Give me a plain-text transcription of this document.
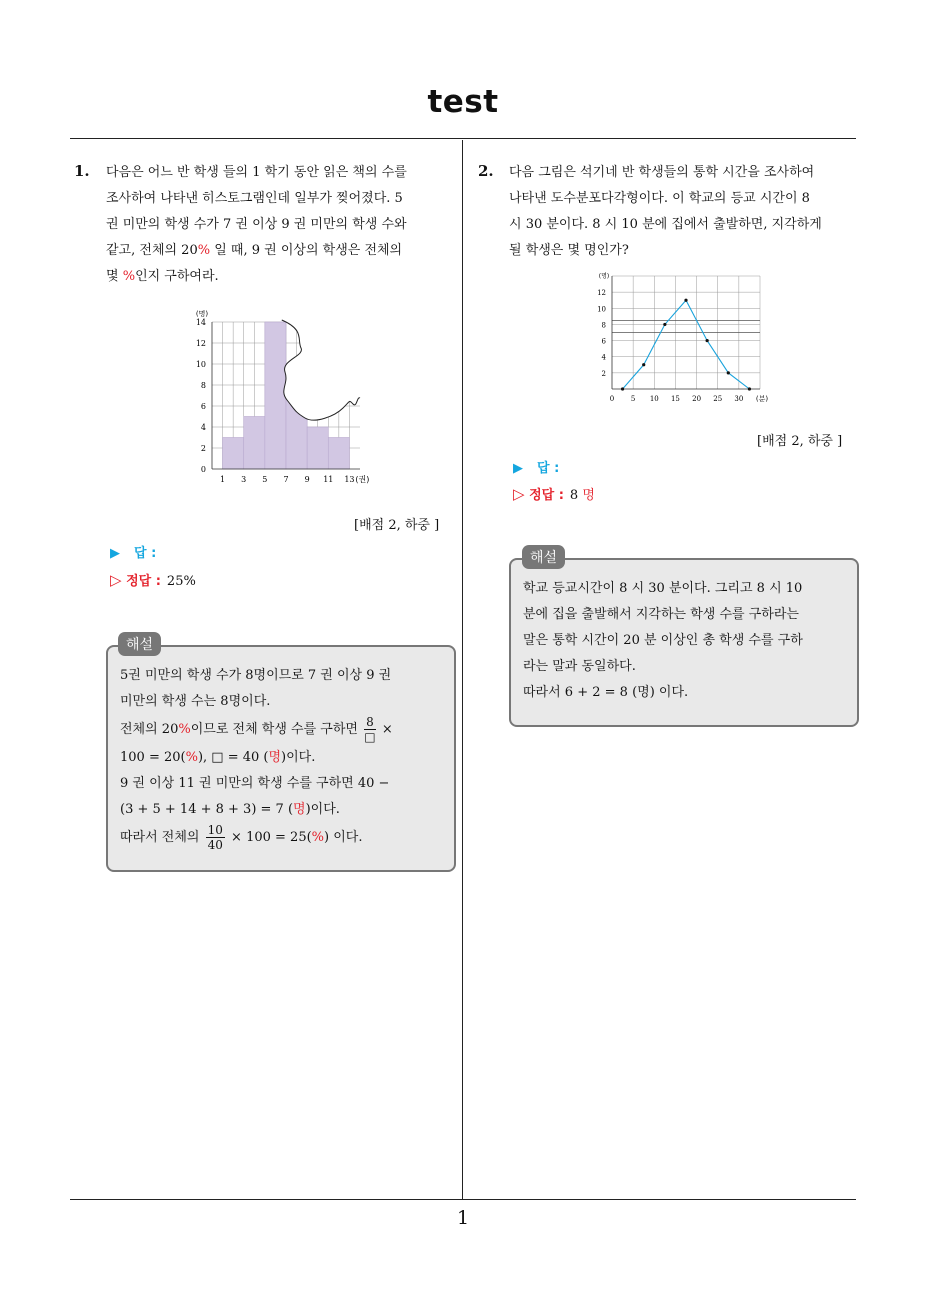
test
1
1. 다음은 어느 반 학생 들의 1 학기 동안 읽은 책의 수를
조사하여 나타낸 히스토그램인데 일부가 찢어졌다. 5
권 미만의 학생 수가 7 권 이상 9 권 미만의 학생 수와
같고, 전체의 20% 일 때, 9 권 이상의 학생은 전체의
몇 %인지 구하여라.
0
2
4
6
8
10
12
14
1 3 5 7 9 11 13
(명)
(권)
[배점 2, 하중 ]
▶ 답 :
▷ 정답 : 25%
5권 미만의 학생 수가 8명이므로 7 권 이상 9 권
미만의 학생 수는 8명이다.
전체의 20%이므로 전체 학생 수를 구하면 $\frac{8}{□}$ ×
100 = 20(%), □ = 40 (명)이다.
9 권 이상 11 권 미만의 학생 수를 구하면 40 −
(3 + 5 + 14 + 8 + 3) = 7 (명)이다.
따라서 전체의 $\frac{10}{40} \times 100 = 25(\%)$ 이다.
해설
2. 다음 그림은 석기네 반 학생들의 통학 시간을 조사하여
나타낸 도수분포다각형이다. 이 학교의 등교 시간이 8
시 30 분이다. 8 시 10 분에 집에서 출발하면, 지각하게
될 학생은 몇 명인가?
2
4
6
8
10
12
0 5 10 15 20 25 30
(명)
(분)
[배점 2, 하중 ]
▶ 답 :
▷ 정답 : 8 명
학교 등교시간이 8 시 30 분이다. 그리고 8 시 10
분에 집을 출발해서 지각하는 학생 수를 구하라는
말은 통학 시간이 20 분 이상인 총 학생 수를 구하
라는 말과 동일하다.
따라서 6 + 2 = 8 (명) 이다.
해설
